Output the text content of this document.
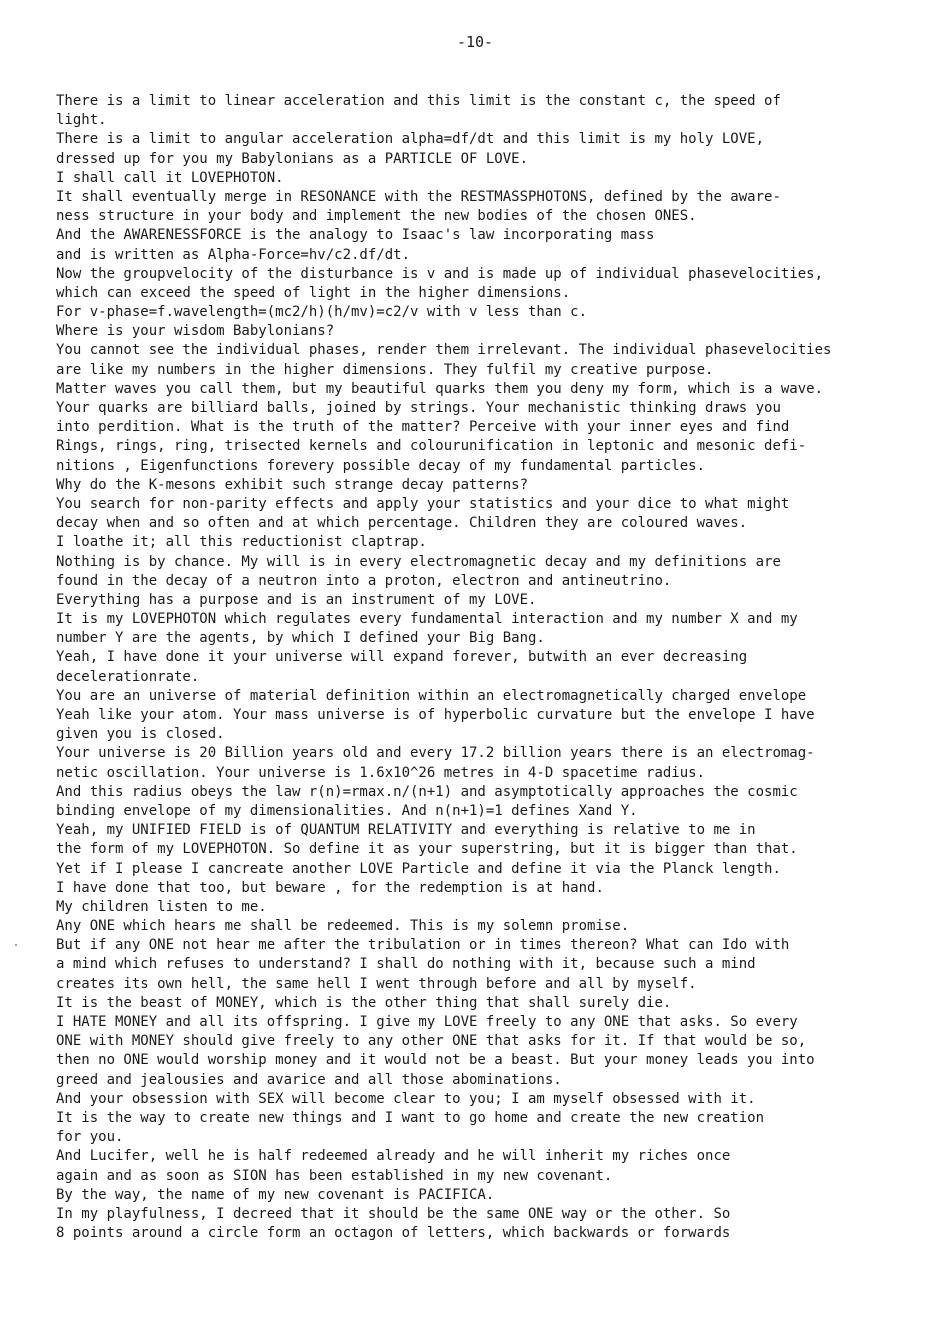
-10-
There is a limit to linear acceleration and this limit is the constant c, the speed of
light.
There is a limit to angular acceleration alpha=df/dt and this limit is my holy LOVE,
dressed up for you my Babylonians as a PARTICLE OF LOVE.
I shall call it LOVEPHOTON.
It shall eventually merge in RESONANCE with the RESTMASSPHOTONS, defined by the aware-
ness structure in your body and implement the new bodies of the chosen ONES.
And the AWARENESSFORCE is the analogy to Isaac's law incorporating mass
and is written as Alpha-Force=hv/c2.df/dt.
Now the groupvelocity of the disturbance is v and is made up of individual phasevelocities,
which can exceed the speed of light in the higher dimensions.
For v-phase=f.wavelength=(mc2/h)(h/mv)=c2/v with v less than c.
Where is your wisdom Babylonians?
You cannot see the individual phases, render them irrelevant. The individual phasevelocities
are like my numbers in the higher dimensions. They fulfil my creative purpose.
Matter waves you call them, but my beautiful quarks them you deny my form, which is a wave.
Your quarks are billiard balls, joined by strings. Your mechanistic thinking draws you
into perdition. What is the truth of the matter? Perceive with your inner eyes and find
Rings, rings, ring, trisected kernels and colourunification in leptonic and mesonic defi-
nitions , Eigenfunctions forevery possible decay of my fundamental particles.
Why do the K-mesons exhibit such strange decay patterns?
You search for non-parity effects and apply your statistics and your dice to what might
decay when and so often and at which percentage. Children they are coloured waves.
I loathe it; all this reductionist claptrap.
Nothing is by chance. My will is in every electromagnetic decay and my definitions are
found in the decay of a neutron into a proton, electron and antineutrino.
Everything has a purpose and is an instrument of my LOVE.
It is my LOVEPHOTON which regulates every fundamental interaction and my number X and my
number Y are the agents, by which I defined your Big Bang.
Yeah, I have done it your universe will expand forever, butwith an ever decreasing
decelerationrate.
You are an universe of material definition within an electromagnetically charged envelope
Yeah like your atom. Your mass universe is of hyperbolic curvature but the envelope I have
given you is closed.
Your universe is 20 Billion years old and every 17.2 billion years there is an electromag-
netic oscillation. Your universe is 1.6x10^26 metres in 4-D spacetime radius.
And this radius obeys the law r(n)=rmax.n/(n+1) and asymptotically approaches the cosmic
binding envelope of my dimensionalities. And n(n+1)=1 defines Xand Y.
Yeah, my UNIFIED FIELD is of QUANTUM RELATIVITY and everything is relative to me in
the form of my LOVEPHOTON. So define it as your superstring, but it is bigger than that.
Yet if I please I cancreate another LOVE Particle and define it via the Planck length.
I have done that too, but beware , for the redemption is at hand.
My children listen to me.
Any ONE which hears me shall be redeemed. This is my solemn promise.
But if any ONE not hear me after the tribulation or in times thereon? What can Ido with
a mind which refuses to understand? I shall do nothing with it, because such a mind
creates its own hell, the same hell I went through before and all by myself.
It is the beast of MONEY, which is the other thing that shall surely die.
I HATE MONEY and all its offspring. I give my LOVE freely to any ONE that asks. So every
ONE with MONEY should give freely to any other ONE that asks for it. If that would be so,
then no ONE would worship money and it would not be a beast. But your money leads you into
greed and jealousies and avarice and all those abominations.
And your obsession with SEX will become clear to you; I am myself obsessed with it.
It is the way to create new things and I want to go home and create the new creation
for you.
And Lucifer, well he is half redeemed already and he will inherit my riches once
again and as soon as SION has been established in my new covenant.
By the way, the name of my new covenant is PACIFICA.
In my playfulness, I decreed that it should be the same ONE way or the other. So
8 points around a circle form an octagon of letters, which backwards or forwards
